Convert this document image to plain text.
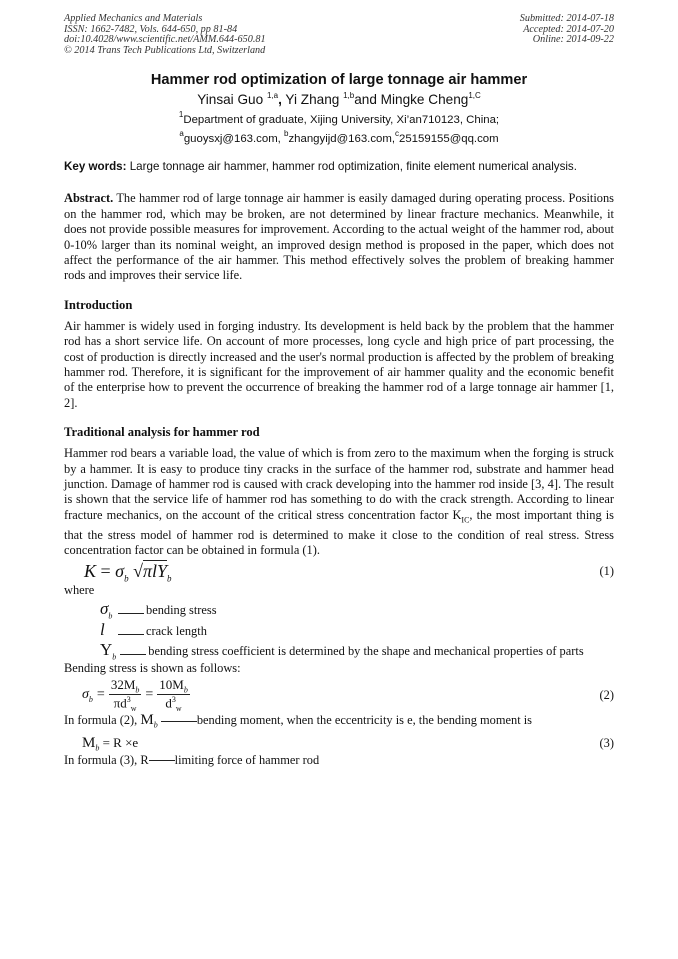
Applied Mechanics and Materials
ISSN: 1662-7482, Vols. 644-650, pp 81-84
doi:10.4028/www.scientific.net/AMM.644-650.81
© 2014 Trans Tech Publications Ltd, Switzerland
Submitted: 2014-07-18
Accepted: 2014-07-20
Online: 2014-09-22
Hammer rod optimization of large tonnage air hammer
Yinsai Guo $^{1,a}$, Yi Zhang $^{1,b}$and Mingke Cheng$^{1,C}$
$^1$Department of graduate, Xijing University, Xi’an710123, China;
$^a$guoysxj@163.com, $^b$zhangyijd@163.com,$^c$25159155@qq.com
Key words: Large tonnage air hammer, hammer rod optimization, finite element numerical analysis.
Abstract. The hammer rod of large tonnage air hammer is easily damaged during operating process. Positions on the hammer rod, which may be broken, are not determined by linear fracture mechanics. Meanwhile, it does not provide possible measures for improvement. According to the actual weight of the hammer rod, about 0-10% larger than its nominal weight, an improved design method is proposed in the paper, which does not affect the performance of the air hammer. This method effectively solves the problem of breaking hammer rods and improves their service life.
Introduction
Air hammer is widely used in forging industry. Its development is held back by the problem that the hammer rod has a short service life. On account of more processes, long cycle and high price of part processing, the cost of production is directly increased and the user's normal production is affected by the problem of breaking hammer rod. Therefore, it is significant for the improvement of air hammer quality and the economic benefit of the enterprise how to prevent the occurrence of breaking the hammer rod of a large tonnage air hammer [1, 2].
Traditional analysis for hammer rod
Hammer rod bears a variable load, the value of which is from zero to the maximum when the forging is struck by a hammer. It is easy to produce tiny cracks in the surface of the hammer rod, substrate and hammer head junction. Damage of hammer rod is caused with crack developing into the hammer rod inside [3, 4]. The result is shown that the service life of hammer rod has something to do with the crack strength. According to linear fracture mechanics, on the account of the critical stress concentration factor $K_{IC}$, the most important thing is that the stress model of hammer rod is determined to make it close to the condition of real stress. Stress concentration factor can be obtained in formula (1).
$K = \sigma_b$ √πlY$_b$	(1)
where
$\sigma_b$	bending stress
l	crack length
$Y_b$	bending stress coefficient is determined by the shape and mechanical properties of parts
Bending stress is shown as follows:
$\sigma_b = \frac{32M_b}{\pi d^3_w} = \frac{10M_b}{d^3_w}$	(2)
In formula (2), $M_b$	bending moment, when the eccentricity is e, the bending moment is
$M_b = R \times e$	(3)
In formula (3), R limiting force of hammer rod
